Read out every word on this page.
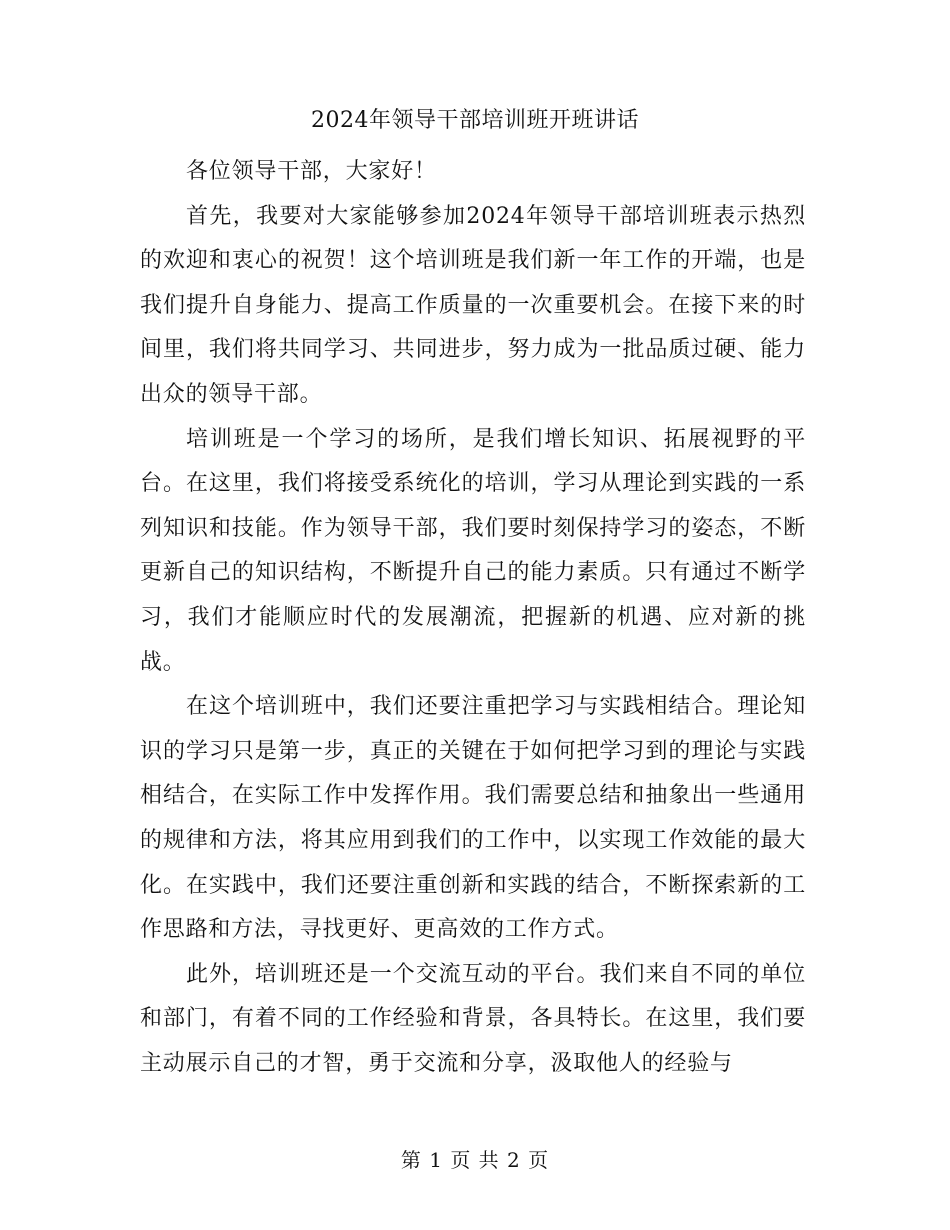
2024年领导干部培训班开班讲话

各位领导干部，大家好！

首先，我要对大家能够参加2024年领导干部培训班表示热烈的欢迎和衷心的祝贺！这个培训班是我们新一年工作的开端，也是我们提升自身能力、提高工作质量的一次重要机会。在接下来的时间里，我们将共同学习、共同进步，努力成为一批品质过硬、能力出众的领导干部。

培训班是一个学习的场所，是我们增长知识、拓展视野的平台。在这里，我们将接受系统化的培训，学习从理论到实践的一系列知识和技能。作为领导干部，我们要时刻保持学习的姿态，不断更新自己的知识结构，不断提升自己的能力素质。只有通过不断学习，我们才能顺应时代的发展潮流，把握新的机遇、应对新的挑战。

在这个培训班中，我们还要注重把学习与实践相结合。理论知识的学习只是第一步，真正的关键在于如何把学习到的理论与实践相结合，在实际工作中发挥作用。我们需要总结和抽象出一些通用的规律和方法，将其应用到我们的工作中，以实现工作效能的最大化。在实践中，我们还要注重创新和实践的结合，不断探索新的工作思路和方法，寻找更好、更高效的工作方式。

此外，培训班还是一个交流互动的平台。我们来自不同的单位和部门，有着不同的工作经验和背景，各具特长。在这里，我们要主动展示自己的才智，勇于交流和分享，汲取他人的经验与

第 1 页 共 2 页
